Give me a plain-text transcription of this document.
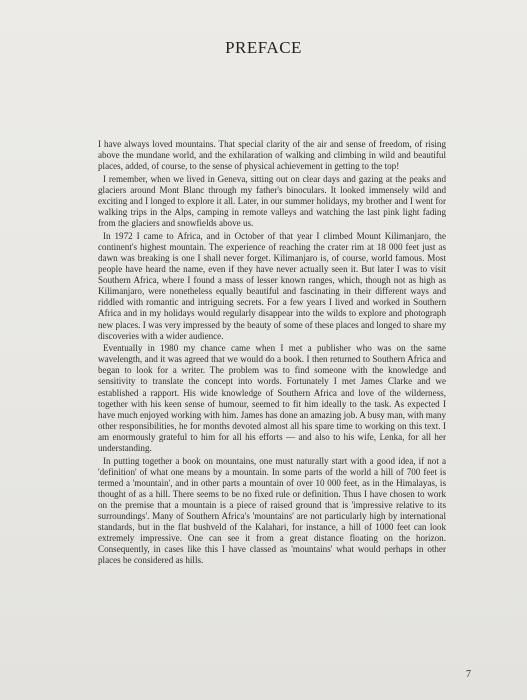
PREFACE

I have always loved mountains. That special clarity of the air and sense of freedom, of rising above the mundane world, and the exhilaration of walking and climbing in wild and beautiful places, added, of course, to the sense of physical achievement in getting to the top!

I remember, when we lived in Geneva, sitting out on clear days and gazing at the peaks and glaciers around Mont Blanc through my father's binoculars. It looked immensely wild and exciting and I longed to explore it all. Later, in our summer holidays, my brother and I went for walking trips in the Alps, camping in remote valleys and watching the last pink light fading from the glaciers and snowfields above us.

In 1972 I came to Africa, and in October of that year I climbed Mount Kilimanjaro, the continent's highest mountain. The experience of reaching the crater rim at 18 000 feet just as dawn was breaking is one I shall never forget. Kilimanjaro is, of course, world famous. Most people have heard the name, even if they have never actually seen it. But later I was to visit Southern Africa, where I found a mass of lesser known ranges, which, though not as high as Kilimanjaro, were nonetheless equally beautiful and fascinating in their different ways and riddled with romantic and intriguing secrets. For a few years I lived and worked in Southern Africa and in my holidays would regularly disappear into the wilds to explore and photograph new places. I was very impressed by the beauty of some of these places and longed to share my discoveries with a wider audience.

Eventually in 1980 my chance came when I met a publisher who was on the same wavelength, and it was agreed that we would do a book. I then returned to Southern Africa and began to look for a writer. The problem was to find someone with the knowledge and sensitivity to translate the concept into words. Fortunately I met James Clarke and we established a rapport. His wide knowledge of Southern Africa and love of the wilderness, together with his keen sense of humour, seemed to fit him ideally to the task. As expected I have much enjoyed working with him. James has done an amazing job. A busy man, with many other responsibilities, he for months devoted almost all his spare time to working on this text. I am enormously grateful to him for all his efforts — and also to his wife, Lenka, for all her understanding.

In putting together a book on mountains, one must naturally start with a good idea, if not a 'definition' of what one means by a mountain. In some parts of the world a hill of 700 feet is termed a 'mountain', and in other parts a mountain of over 10 000 feet, as in the Himalayas, is thought of as a hill. There seems to be no fixed rule or definition. Thus I have chosen to work on the premise that a mountain is a piece of raised ground that is 'impressive relative to its surroundings'. Many of Southern Africa's 'mountains' are not particularly high by international standards, but in the flat bushveld of the Kalahari, for instance, a hill of 1000 feet can look extremely impressive. One can see it from a great distance floating on the horizon. Consequently, in cases like this I have classed as 'mountains' what would perhaps in other places be considered as hills.

7
